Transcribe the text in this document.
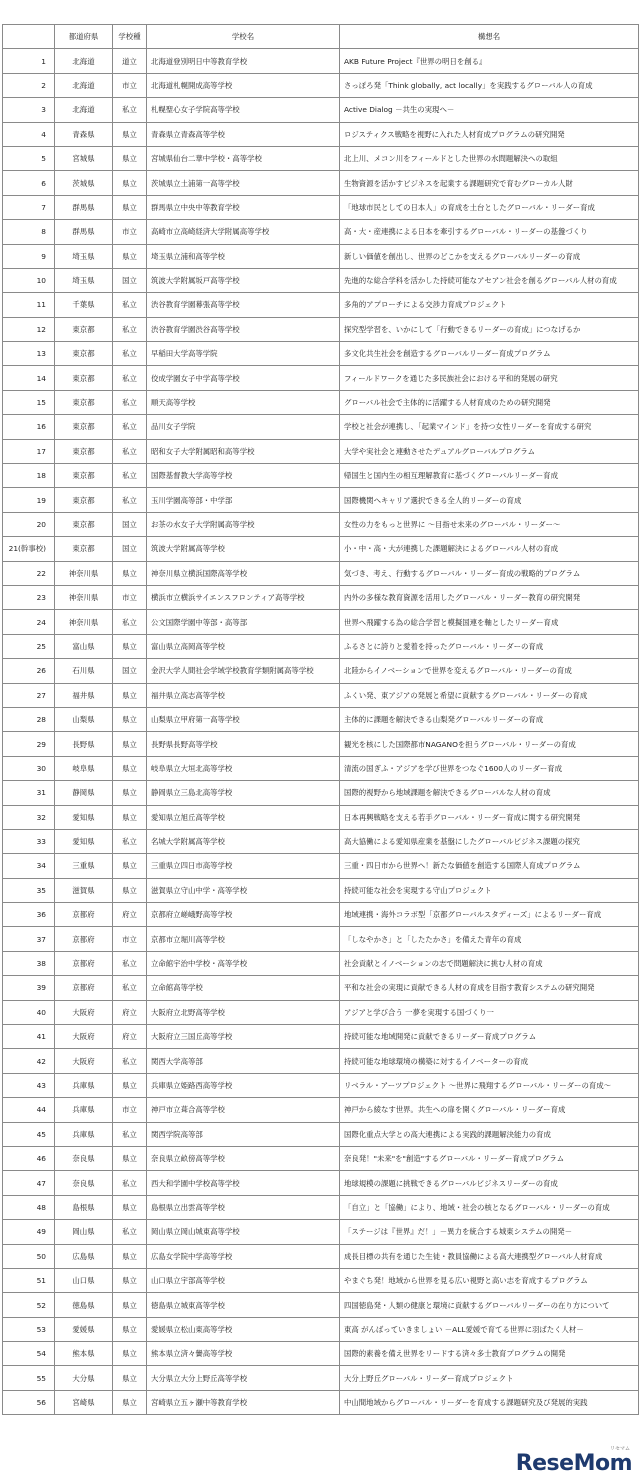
	都道府県	学校種	学校名	構想名
1	北海道	道立	北海道登別明日中等教育学校	AKB Future Project『世界の明日を創る』
2	北海道	市立	北海道札幌開成高等学校	さっぽろ発「Think globally, act locally」を実践するグローバル人の育成
3	北海道	私立	札幌聖心女子学院高等学校	Active Dialog －共生の実現へ－
4	青森県	県立	青森県立青森高等学校	ロジスティクス戦略を視野に入れた人材育成プログラムの研究開発
5	宮城県	県立	宮城県仙台二華中学校・高等学校	北上川、メコン川をフィールドとした世界の水問題解決への取組
6	茨城県	県立	茨城県立土浦第一高等学校	生物資源を活かすビジネスを起業する課題研究で育むグローカル人財
7	群馬県	県立	群馬県立中央中等教育学校	「地球市民としての日本人」の育成を土台としたグローバル・リーダー育成
8	群馬県	市立	高崎市立高崎経済大学附属高等学校	高・大・産連携による日本を牽引するグローバル・リーダーの基盤づくり
9	埼玉県	県立	埼玉県立浦和高等学校	新しい価値を創出し、世界のどこかを支えるグローバルリーダーの育成
10	埼玉県	国立	筑波大学附属坂戸高等学校	先進的な総合学科を活かした持続可能なアセアン社会を創るグローバル人材の育成
11	千葉県	私立	渋谷教育学園幕張高等学校	多角的アプローチによる交渉力育成プロジェクト
12	東京都	私立	渋谷教育学園渋谷高等学校	探究型学習を、いかにして「行動できるリーダーの育成」につなげるか
13	東京都	私立	早稲田大学高等学院	多文化共生社会を創造するグローバルリーダー育成プログラム
14	東京都	私立	佼成学園女子中学高等学校	フィールドワークを通じた多民族社会における平和的発展の研究
15	東京都	私立	順天高等学校	グローバル社会で主体的に活躍する人材育成のための研究開発
16	東京都	私立	品川女子学院	学校と社会が連携し、「起業マインド」を持つ女性リーダーを育成する研究
17	東京都	私立	昭和女子大学附属昭和高等学校	大学や実社会と連動させたデュアルグローバルプログラム
18	東京都	私立	国際基督教大学高等学校	帰国生と国内生の相互理解教育に基づくグローバルリーダー育成
19	東京都	私立	玉川学園高等部・中学部	国際機関へキャリア選択できる全人的リーダーの育成
20	東京都	国立	お茶の水女子大学附属高等学校	女性の力をもっと世界に ～目指せ未来のグローバル・リーダー～
21(幹事校)	東京都	国立	筑波大学附属高等学校	小・中・高・大が連携した課題解決によるグローバル人材の育成
22	神奈川県	県立	神奈川県立横浜国際高等学校	気づき、考え、行動するグローバル・リーダー育成の戦略的プログラム
23	神奈川県	市立	横浜市立横浜サイエンスフロンティア高等学校	内外の多様な教育資源を活用したグローバル・リーダー教育の研究開発
24	神奈川県	私立	公文国際学園中等部・高等部	世界へ飛躍する為の総合学習と模擬国連を軸としたリーダー育成
25	富山県	県立	富山県立高岡高等学校	ふるさとに誇りと愛着を持ったグローバル・リーダーの育成
26	石川県	国立	金沢大学人間社会学域学校教育学類附属高等学校	北陸からイノベーションで世界を変えるグローバル・リーダーの育成
27	福井県	県立	福井県立高志高等学校	ふくい発、東アジアの発展と希望に貢献するグローバル・リーダーの育成
28	山梨県	県立	山梨県立甲府第一高等学校	主体的に課題を解決できる山梨発グローバルリーダーの育成
29	長野県	県立	長野県長野高等学校	観光を核にした国際都市NAGANOを担うグローバル・リーダーの育成
30	岐阜県	県立	岐阜県立大垣北高等学校	清流の国ぎふ・アジアを学び世界をつなぐ1600人のリーダー育成
31	静岡県	県立	静岡県立三島北高等学校	国際的視野から地域課題を解決できるグローバルな人材の育成
32	愛知県	県立	愛知県立旭丘高等学校	日本再興戦略を支える若手グローバル・リーダー育成に関する研究開発
33	愛知県	私立	名城大学附属高等学校	高大協働による愛知県産業を基盤にしたグローバルビジネス課題の探究
34	三重県	県立	三重県立四日市高等学校	三重・四日市から世界へ！新たな価値を創造する国際人育成プログラム
35	滋賀県	県立	滋賀県立守山中学・高等学校	持続可能な社会を実現する守山プロジェクト
36	京都府	府立	京都府立嵯峨野高等学校	地域連携・海外コラボ型「京都グローバルスタディーズ」によるリーダー育成
37	京都府	市立	京都市立堀川高等学校	「しなやかさ」と「したたかさ」を備えた青年の育成
38	京都府	私立	立命館宇治中学校・高等学校	社会貢献とイノベーションの志で問題解決に挑む人材の育成
39	京都府	私立	立命館高等学校	平和な社会の実現に貢献できる人材の育成を目指す教育システムの研究開発
40	大阪府	府立	大阪府立北野高等学校	アジアと学び合う 一夢を実現する国づくり一
41	大阪府	府立	大阪府立三国丘高等学校	持続可能な地域開発に貢献できるリーダー育成プログラム
42	大阪府	私立	関西大学高等部	持続可能な地球環境の構築に対するイノベーターの育成
43	兵庫県	県立	兵庫県立姫路西高等学校	リベラル・アーツプロジェクト ～世界に飛翔するグローバル・リーダーの育成～
44	兵庫県	市立	神戸市立葺合高等学校	神戸から綾なす世界。共生への扉を開くグローバル・リーダー育成
45	兵庫県	私立	関西学院高等部	国際化重点大学との高大連携による実践的課題解決能力の育成
46	奈良県	県立	奈良県立畝傍高等学校	奈良発！"未来"を"創造"するグローバル・リーダー育成プログラム
47	奈良県	私立	西大和学園中学校高等学校	地球規模の課題に挑戦できるグローバルビジネスリーダーの育成
48	島根県	県立	島根県立出雲高等学校	「自立」と「協働」により、地域・社会の核となるグローバル・リーダーの育成
49	岡山県	私立	岡山県立岡山城東高等学校	「ステージは『世界』だ！」－異力を統合する城東システムの開発－
50	広島県	県立	広島女学院中学高等学校	成長目標の共有を通じた生徒・教員協働による高大連携型グローバル人材育成
51	山口県	県立	山口県立宇部高等学校	やまぐち発！地域から世界を見る広い視野と高い志を育成するプログラム
52	徳島県	県立	徳島県立城東高等学校	四国徳島発・人類の健康と環境に貢献するグローバルリーダーの在り方について
53	愛媛県	県立	愛媛県立松山東高等学校	東高 がんばっていきましょい －ALL愛媛で育てる世界に羽ばたく人材－
54	熊本県	県立	熊本県立済々黌高等学校	国際的素養を備え世界をリードする済々多士教育プログラムの開発
55	大分県	県立	大分県立大分上野丘高等学校	大分上野丘グローバル・リーダー育成プロジェクト
56	宮崎県	県立	宮崎県立五ヶ瀬中等教育学校	中山間地域からグローバル・リーダーを育成する課題研究及び発展的実践
リセマム
ReseMom
